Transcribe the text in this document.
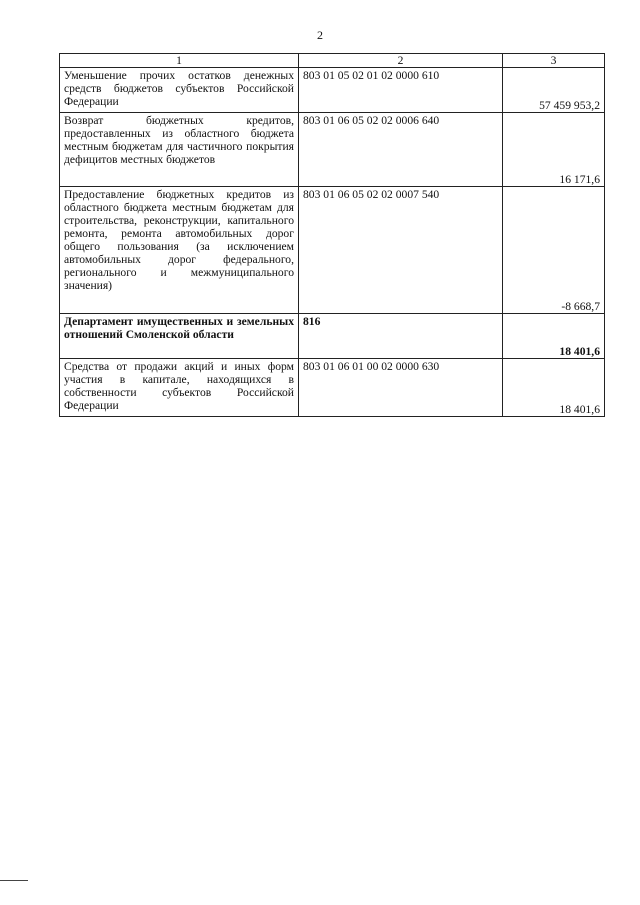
2
1	2	3
Уменьшение прочих остатков денежных средств бюджетов субъектов Российской Федерации	803 01 05 02 01 02 0000 610	57 459 953,2
Возврат бюджетных кредитов, предоставленных из областного бюджета местным бюджетам для частичного покрытия дефицитов местных бюджетов	803 01 06 05 02 02 0006 640	16 171,6
Предоставление бюджетных кредитов из областного бюджета местным бюджетам для строительства, реконструкции, капитального ремонта, ремонта автомобильных дорог общего пользования (за исключением автомобильных дорог федерального, регионального и межмуниципального значения)	803 01 06 05 02 02 0007 540	-8 668,7
Департамент имущественных и земельных отношений Смоленской области	816	18 401,6
Средства от продажи акций и иных форм участия в капитале, находящихся в собственности субъектов Российской Федерации	803 01 06 01 00 02 0000 630	18 401,6
